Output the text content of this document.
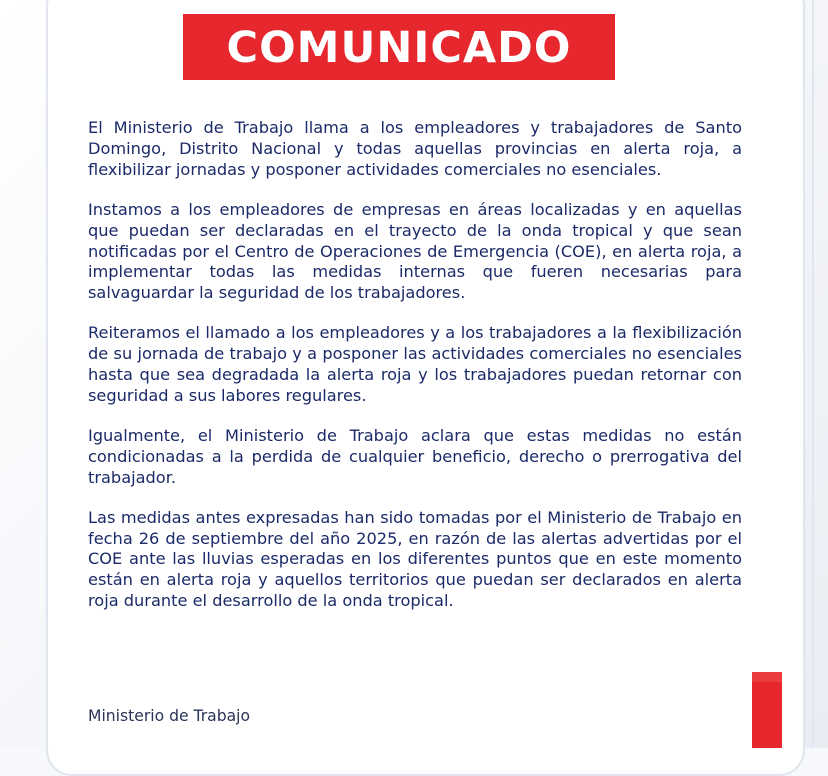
COMUNICADO

El Ministerio de Trabajo llama a los empleadores y trabajadores de Santo Domingo, Distrito Nacional y todas aquellas provincias en alerta roja, a flexibilizar jornadas y posponer actividades comerciales no esenciales.

Instamos a los empleadores de empresas en áreas localizadas y en aquellas que puedan ser declaradas en el trayecto de la onda tropical y que sean notificadas por el Centro de Operaciones de Emergencia (COE), en alerta roja, a implementar todas las medidas internas que fueren necesarias para salvaguardar la seguridad de los trabajadores.

Reiteramos el llamado a los empleadores y a los trabajadores a la flexibilización de su jornada de trabajo y a posponer las actividades comerciales no esenciales hasta que sea degradada la alerta roja y los trabajadores puedan retornar con seguridad a sus labores regulares.

Igualmente, el Ministerio de Trabajo aclara que estas medidas no están condicionadas a la perdida de cualquier beneficio, derecho o prerrogativa del trabajador.

Las medidas antes expresadas han sido tomadas por el Ministerio de Trabajo en fecha 26 de septiembre del año 2025, en razón de las alertas advertidas por el COE ante las lluvias esperadas en los diferentes puntos que en este momento están en alerta roja y aquellos territorios que puedan ser declarados en alerta roja durante el desarrollo de la onda tropical.

Ministerio de Trabajo
